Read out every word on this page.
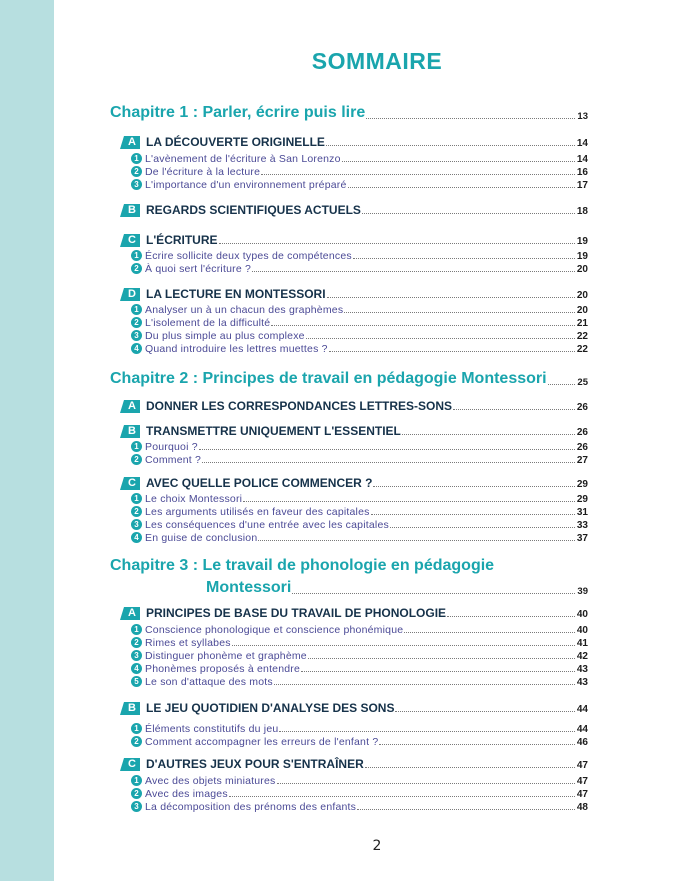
SOMMAIRE
Chapitre 1 : Parler, écrire puis lire	13
A LA DÉCOUVERTE ORIGINELLE	14
1 L'avènement de l'écriture à San Lorenzo	14
2 De l'écriture à la lecture	16
3 L'importance d'un environnement préparé	17
B REGARDS SCIENTIFIQUES ACTUELS	18
C L'ÉCRITURE	19
1 Écrire sollicite deux types de compétences	19
2 À quoi sert l'écriture ?	20
D LA LECTURE EN MONTESSORI	20
1 Analyser un à un chacun des graphèmes	20
2 L'isolement de la difficulté	21
3 Du plus simple au plus complexe	22
4 Quand introduire les lettres muettes ?	22
Chapitre 2 : Principes de travail en pédagogie Montessori	25
A DONNER LES CORRESPONDANCES LETTRES-SONS	26
B TRANSMETTRE UNIQUEMENT L'ESSENTIEL	26
1 Pourquoi ?	26
2 Comment ?	27
C AVEC QUELLE POLICE COMMENCER ?	29
1 Le choix Montessori	29
2 Les arguments utilisés en faveur des capitales	31
3 Les conséquences d'une entrée avec les capitales	33
4 En guise de conclusion	37
Chapitre 3 : Le travail de phonologie en pédagogie
Montessori	39
A PRINCIPES DE BASE DU TRAVAIL DE PHONOLOGIE	40
1 Conscience phonologique et conscience phonémique	40
2 Rimes et syllabes	41
3 Distinguer phonème et graphème	42
4 Phonèmes proposés à entendre	43
5 Le son d'attaque des mots	43
B LE JEU QUOTIDIEN D'ANALYSE DES SONS	44
1 Éléments constitutifs du jeu	44
2 Comment accompagner les erreurs de l'enfant ?	46
C D'AUTRES JEUX POUR S'ENTRAÎNER	47
1 Avec des objets miniatures	47
2 Avec des images	47
3 La décomposition des prénoms des enfants	48
2
